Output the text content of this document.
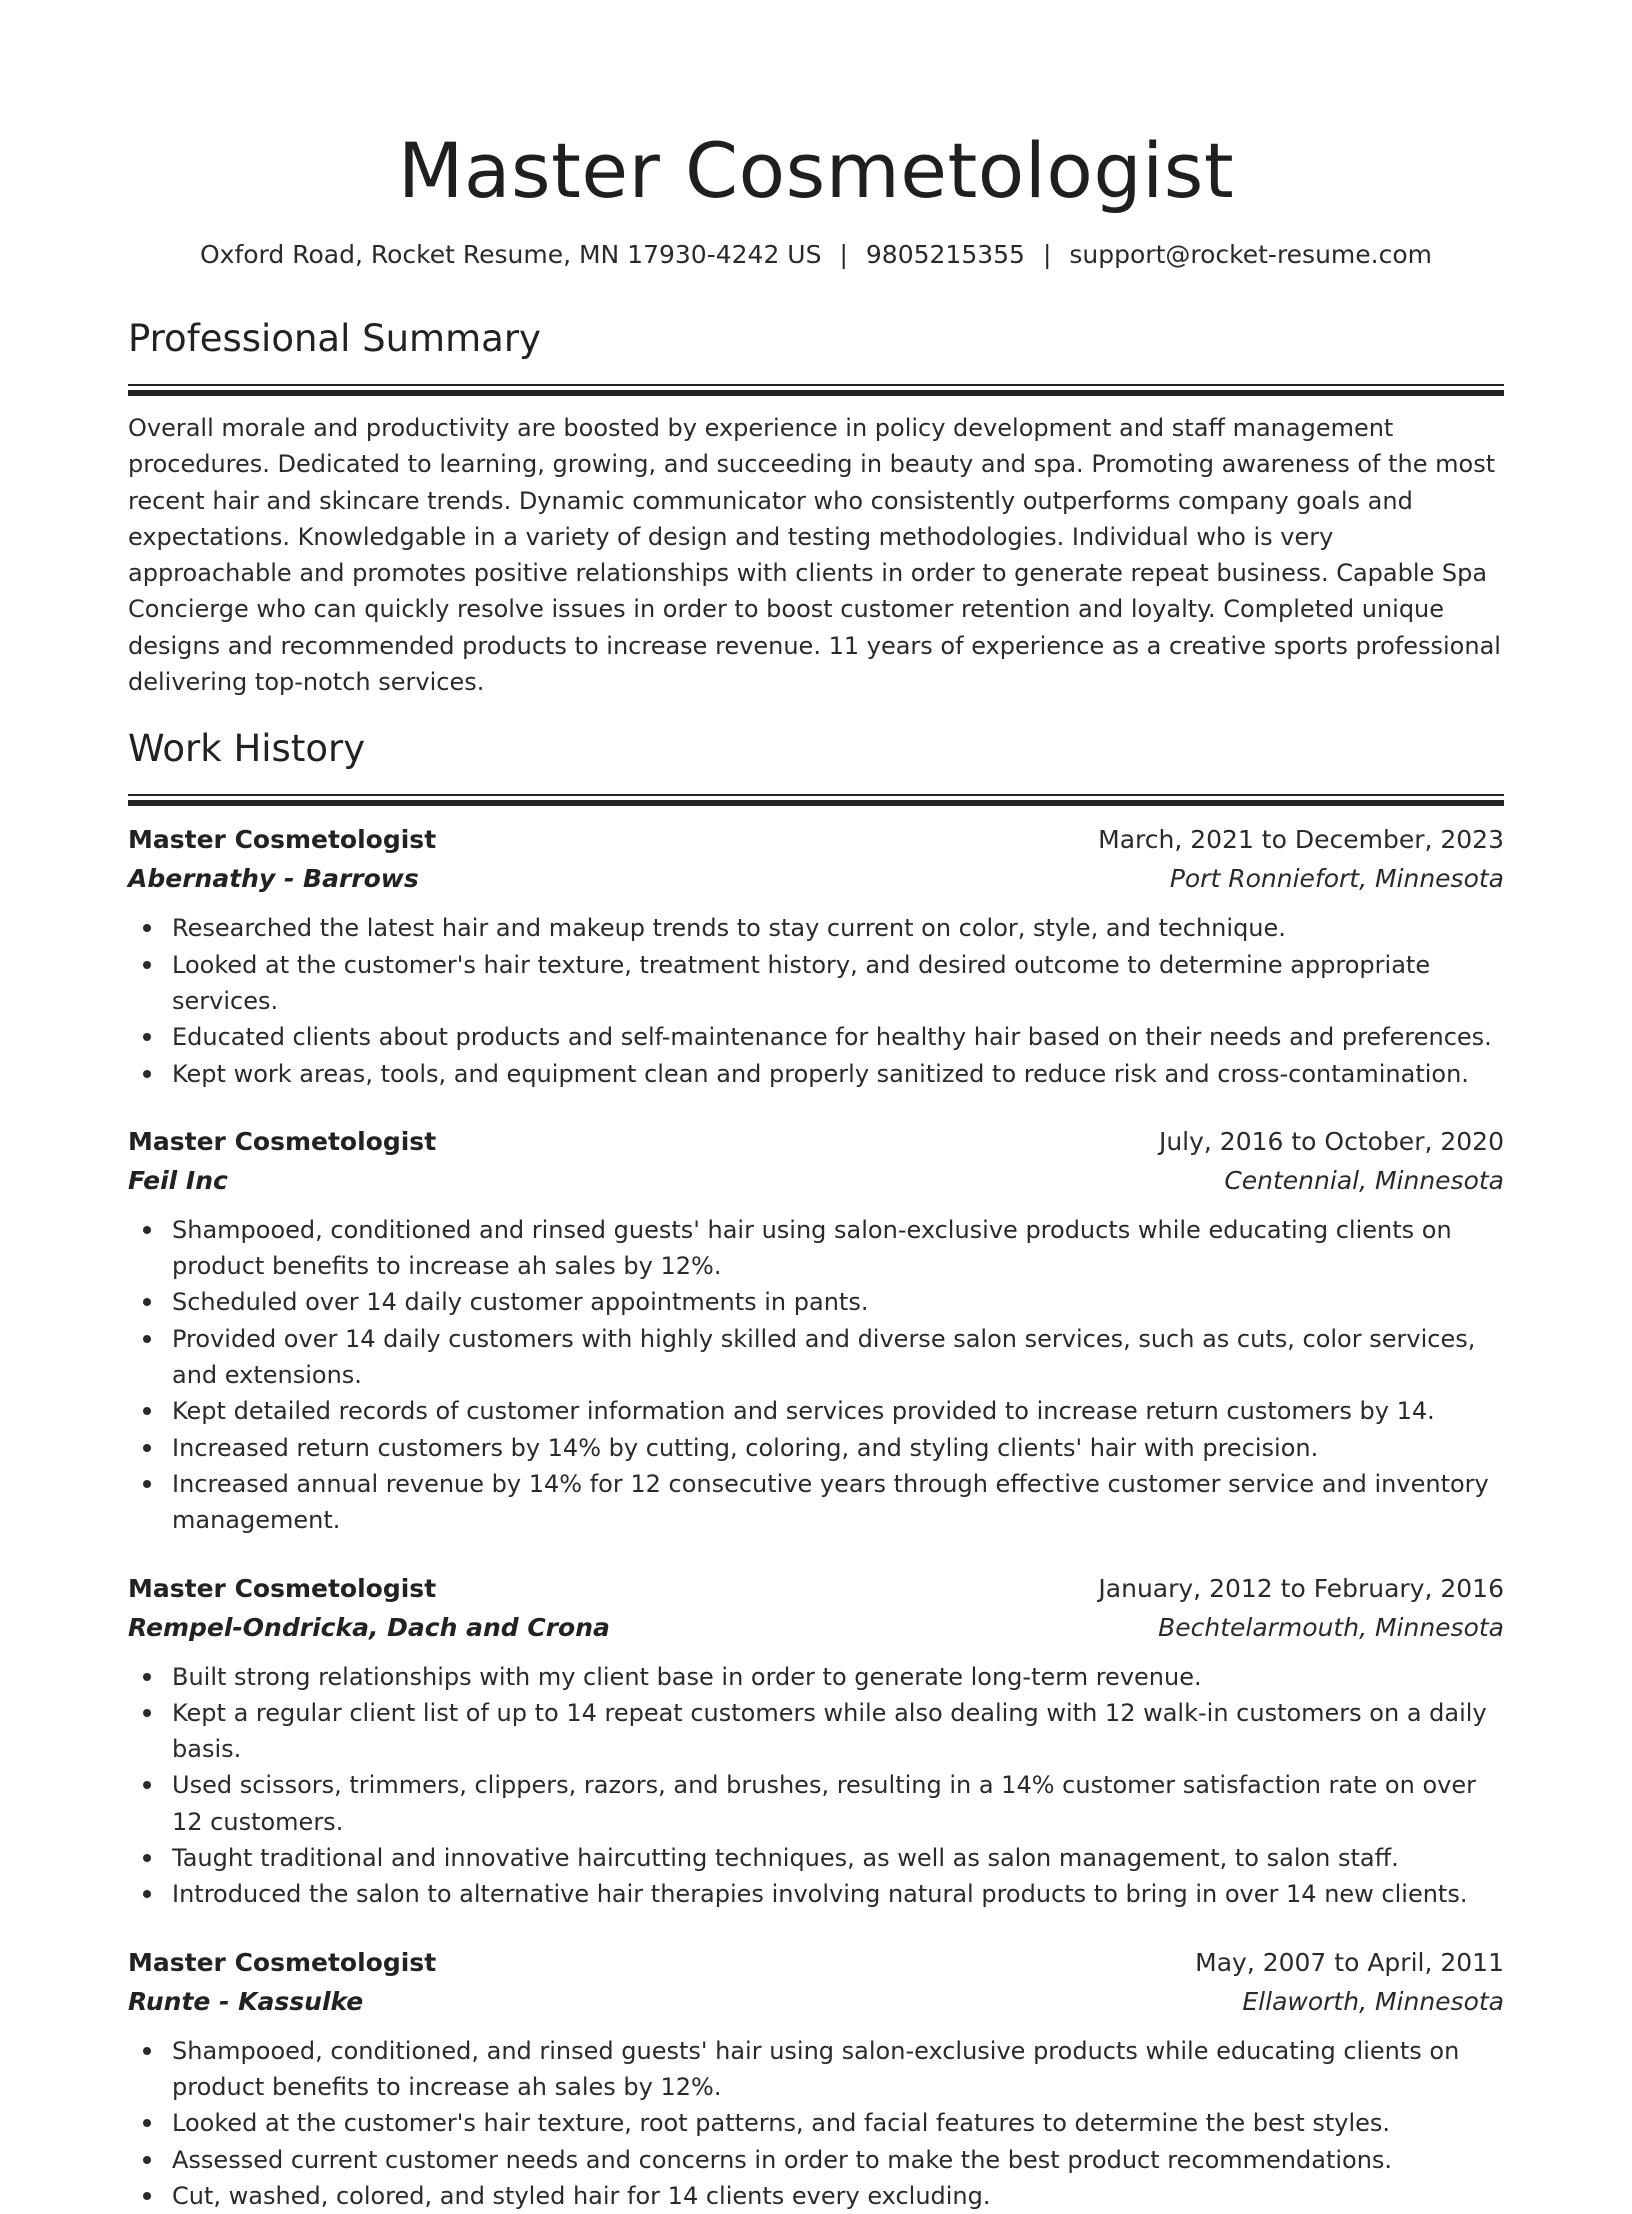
Master Cosmetologist
Oxford Road, Rocket Resume, MN 17930-4242 US | 9805215355 | support@rocket-resume.com
Professional Summary

Overall morale and productivity are boosted by experience in policy development and staff management procedures. Dedicated to learning, growing, and succeeding in beauty and spa. Promoting awareness of the most recent hair and skincare trends. Dynamic communicator who consistently outperforms company goals and expectations. Knowledgable in a variety of design and testing methodologies. Individual who is very approachable and promotes positive relationships with clients in order to generate repeat business. Capable Spa Concierge who can quickly resolve issues in order to boost customer retention and loyalty. Completed unique designs and recommended products to increase revenue. 11 years of experience as a creative sports professional delivering top-notch services.

Work History
Master Cosmetologist	March, 2021 to December, 2023
Abernathy - Barrows	Port Ronniefort, Minnesota
Researched the latest hair and makeup trends to stay current on color, style, and technique.
Looked at the customer's hair texture, treatment history, and desired outcome to determine appropriate services.
Educated clients about products and self-maintenance for healthy hair based on their needs and preferences.
Kept work areas, tools, and equipment clean and properly sanitized to reduce risk and cross-contamination.
Master Cosmetologist	July, 2016 to October, 2020
Feil Inc	Centennial, Minnesota
Shampooed, conditioned and rinsed guests' hair using salon-exclusive products while educating clients on product benefits to increase ah sales by 12%.
Scheduled over 14 daily customer appointments in pants.
Provided over 14 daily customers with highly skilled and diverse salon services, such as cuts, color services, and extensions.
Kept detailed records of customer information and services provided to increase return customers by 14.
Increased return customers by 14% by cutting, coloring, and styling clients' hair with precision.
Increased annual revenue by 14% for 12 consecutive years through effective customer service and inventory management.
Master Cosmetologist	January, 2012 to February, 2016
Rempel-Ondricka, Dach and Crona	Bechtelarmouth, Minnesota
Built strong relationships with my client base in order to generate long-term revenue.
Kept a regular client list of up to 14 repeat customers while also dealing with 12 walk-in customers on a daily basis.
Used scissors, trimmers, clippers, razors, and brushes, resulting in a 14% customer satisfaction rate on over 12 customers.
Taught traditional and innovative haircutting techniques, as well as salon management, to salon staff.
Introduced the salon to alternative hair therapies involving natural products to bring in over 14 new clients.
Master Cosmetologist	May, 2007 to April, 2011
Runte - Kassulke	Ellaworth, Minnesota
Shampooed, conditioned, and rinsed guests' hair using salon-exclusive products while educating clients on product benefits to increase ah sales by 12%.
Looked at the customer's hair texture, root patterns, and facial features to determine the best styles.
Assessed current customer needs and concerns in order to make the best product recommendations.
Cut, washed, colored, and styled hair for 14 clients every excluding.
